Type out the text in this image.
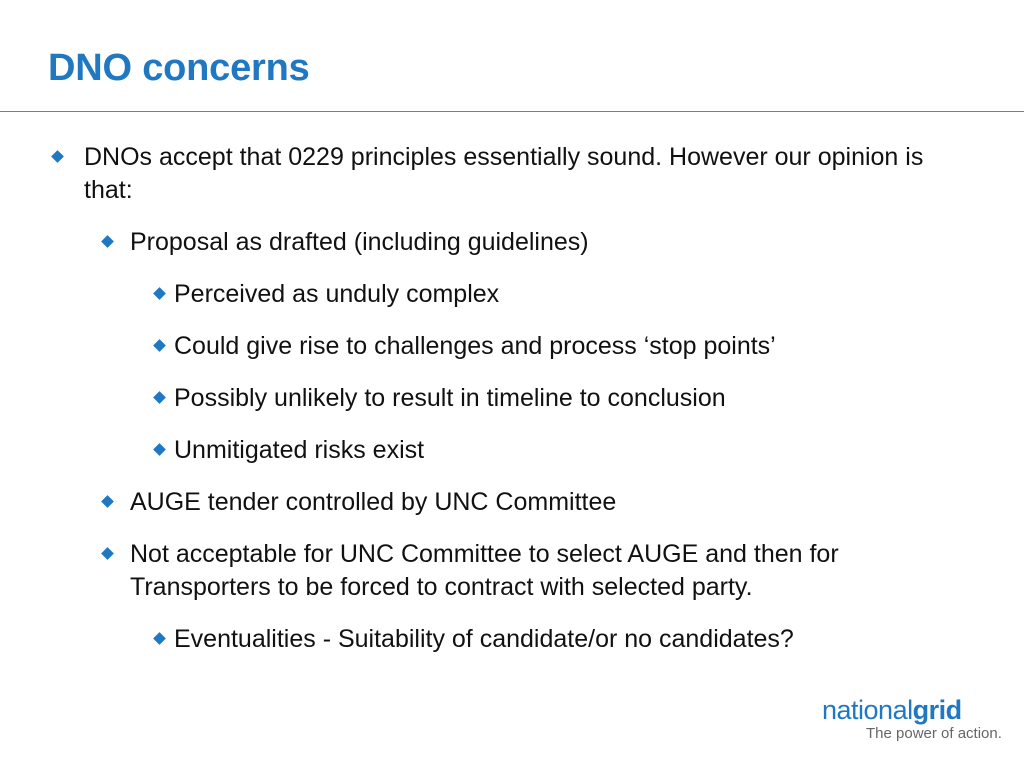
DNO concerns
DNOs accept that 0229 principles essentially sound. However our opinion is that:
Proposal as drafted (including guidelines)
Perceived as unduly complex
Could give rise to challenges and process ‘stop points’
Possibly unlikely to result in timeline to conclusion
Unmitigated risks exist
AUGE tender controlled by UNC Committee
Not acceptable for UNC Committee to select AUGE and then for Transporters to be forced to contract with selected party.
Eventualities - Suitability of candidate/or no candidates?
nationalgrid
The power of action.
